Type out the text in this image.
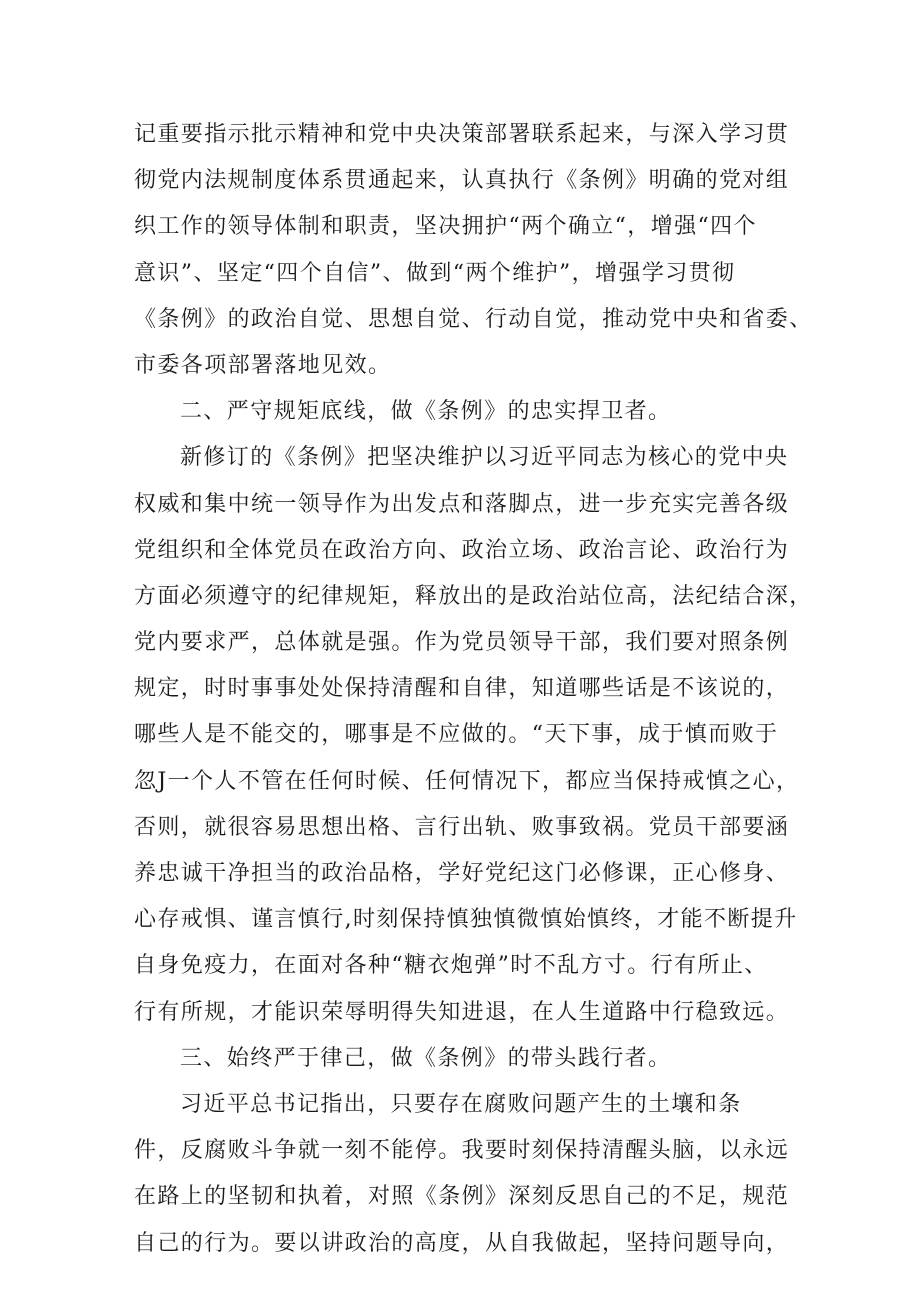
记重要指示批示精神和党中央决策部署联系起来，与深入学习贯
彻党内法规制度体系贯通起来，认真执行《条例》明确的党对组
织工作的领导体制和职责，坚决拥护“两个确立“，增强“四个
意识”、坚定“四个自信”、做到“两个维护”，增强学习贯彻
《条例》的政治自觉、思想自觉、行动自觉，推动党中央和省委、
市委各项部署落地见效。
二、严守规矩底线，做《条例》的忠实捍卫者。
新修订的《条例》把坚决维护以习近平同志为核心的党中央
权威和集中统一领导作为出发点和落脚点，进一步充实完善各级
党组织和全体党员在政治方向、政治立场、政治言论、政治行为
方面必须遵守的纪律规矩，释放出的是政治站位高，法纪结合深，
党内要求严，总体就是强。作为党员领导干部，我们要对照条例
规定，时时事事处处保持清醒和自律，知道哪些话是不该说的，
哪些人是不能交的，哪事是不应做的。“天下事，成于慎而败于
忽J一个人不管在任何时候、任何情况下，都应当保持戒慎之心，
否则，就很容易思想出格、言行出轨、败事致祸。党员干部要涵
养忠诚干净担当的政治品格，学好党纪这门必修课，正心修身、
心存戒惧、谨言慎行,时刻保持慎独慎微慎始慎终，才能不断提升
自身免疫力，在面对各种“糖衣炮弹”时不乱方寸。行有所止、
行有所规，才能识荣辱明得失知进退，在人生道路中行稳致远。
三、始终严于律己，做《条例》的带头践行者。
习近平总书记指出，只要存在腐败问题产生的土壤和条
件，反腐败斗争就一刻不能停。我要时刻保持清醒头脑，以永远
在路上的坚韧和执着，对照《条例》深刻反思自己的不足，规范
自己的行为。要以讲政治的高度，从自我做起，坚持问题导向，
